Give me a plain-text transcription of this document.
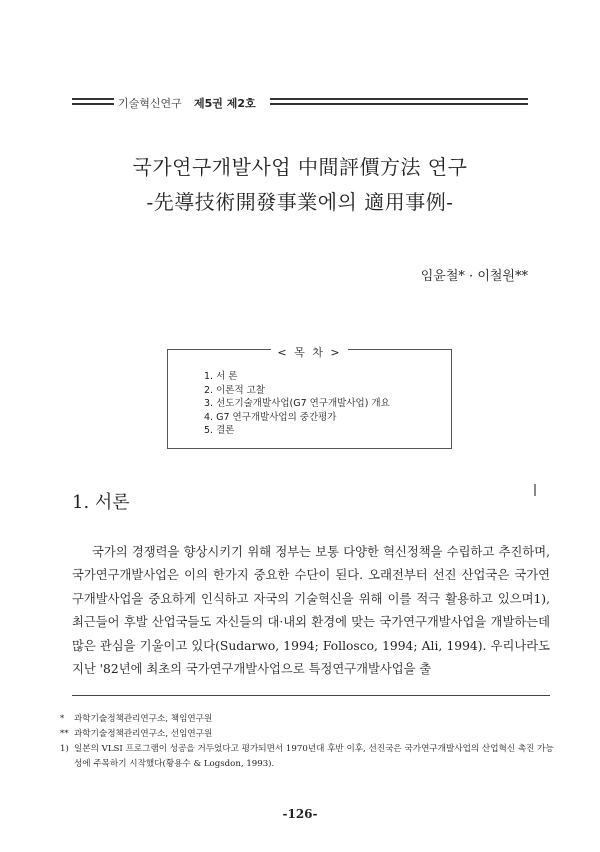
기술혁신연구 제5권 제2호
국가연구개발사업 中間評價方法 연구
-先導技術開發事業에의 適用事例-
임윤철* · 이철원**
< 목 차 >
1. 서 론
2. 이론적 고찰
3. 선도기술개발사업(G7 연구개발사업) 개요
4. G7 연구개발사업의 중간평가
5. 결론
1. 서론

국가의 경쟁력을 향상시키기 위해 정부는 보통 다양한 혁신정책을 수립하고 추진하며, 국가연구개발사업은 이의 한가지 중요한 수단이 된다. 오래전부터 선진 산업국은 국가연구개발사업을 중요하게 인식하고 자국의 기술혁신을 위해 이를 적극 활용하고 있으며1), 최근들어 후발 산업국들도 자신들의 대·내외 환경에 맞는 국가연구개발사업을 개발하는데 많은 관심을 기울이고 있다(Sudarwo, 1994; Follosco, 1994; Ali, 1994). 우리나라도 지난 '82년에 최초의 국가연구개발사업으로 특정연구개발사업을 출

* 과학기술정책관리연구소, 책임연구원
** 과학기술정책관리연구소, 선임연구원
1) 일본의 VLSI 프로그램이 성공을 거두었다고 평가되면서 1970년대 후반 이후, 선진국은 국가연구개발사업의 산업혁신 촉진 가능성에 주목하기 시작했다(황용수 & Logsdon, 1993).
-126-
